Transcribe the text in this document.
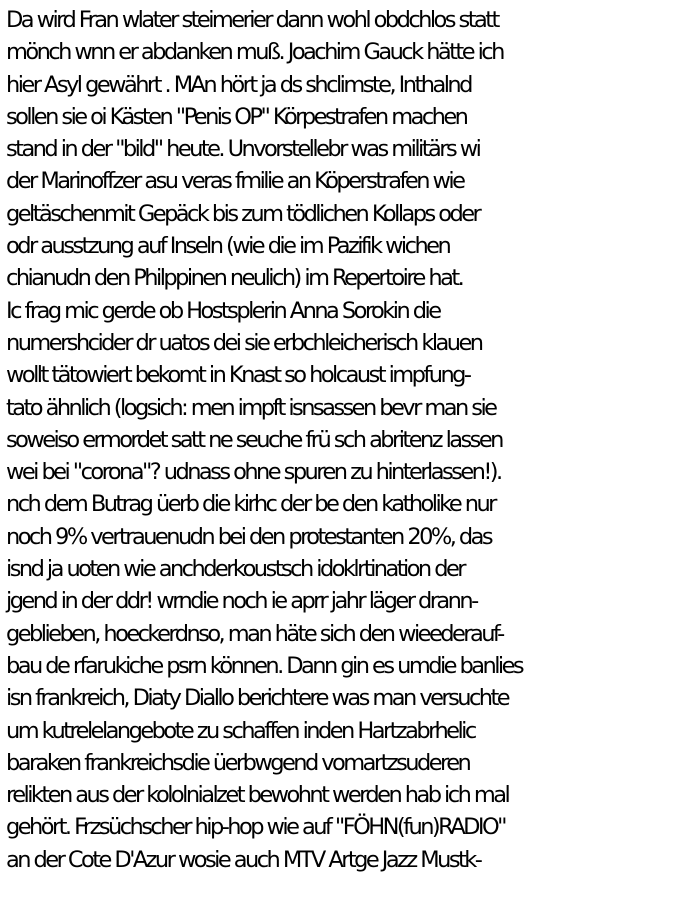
Da wird Fran wlater steimerier dann wohl obdchlos statt
mönch wnn er abdanken muß. Joachim Gauck hätte ich
hier Asyl gewährt . MAn hört ja ds shclimste, Inthalnd
sollen sie oi Kästen "Penis OP" Körpestrafen machen
stand in der "bild" heute. Unvorstellebr was militärs wi
der Marinoffzer asu veras fmilie an Köperstrafen wie
geltäschenmit Gepäck bis zum tödlichen Kollaps oder
odr ausstzung auf Inseln (wie die im Pazifik wichen
chianudn den Philppinen neulich) im Repertoire hat.
Ic frag mic gerde ob Hostsplerin Anna Sorokin die
numershcider dr uatos dei sie erbchleicherisch klauen
wollt tätowiert bekomt in Knast so holcaust impfung-
tato ähnlich (logsich: men impft isnsassen bevr man sie
soweiso ermordet satt ne seuche frü sch abritenz lassen
wei bei "corona"? udnass ohne spuren zu hinterlassen!).
nch dem Butrag üerb die kirhc der be den katholike nur
noch 9% vertrauenudn bei den protestanten 20%, das
isnd ja uoten wie anchderkoustsch idoklrtination der
jgend in der ddr! wrndie noch ie aprr jahr läger drann-
geblieben, hoeckerdnso, man häte sich den wieederauf-
bau de rfarukiche psrn können. Dann gin es umdie banlies
isn frankreich, Diaty Diallo berichtere was man versuchte
um kutrelelangebote zu schaffen inden Hartzabrhelic
baraken frankreichsdie üerbwgend vomartzsuderen
relikten aus der kololnialzet bewohnt werden hab ich mal
gehört. Frzsüchscher hip-hop wie auf "FÖHN(fun)RADIO"
an der Cote D'Azur wosie auch MTV Artge Jazz Mustk-
